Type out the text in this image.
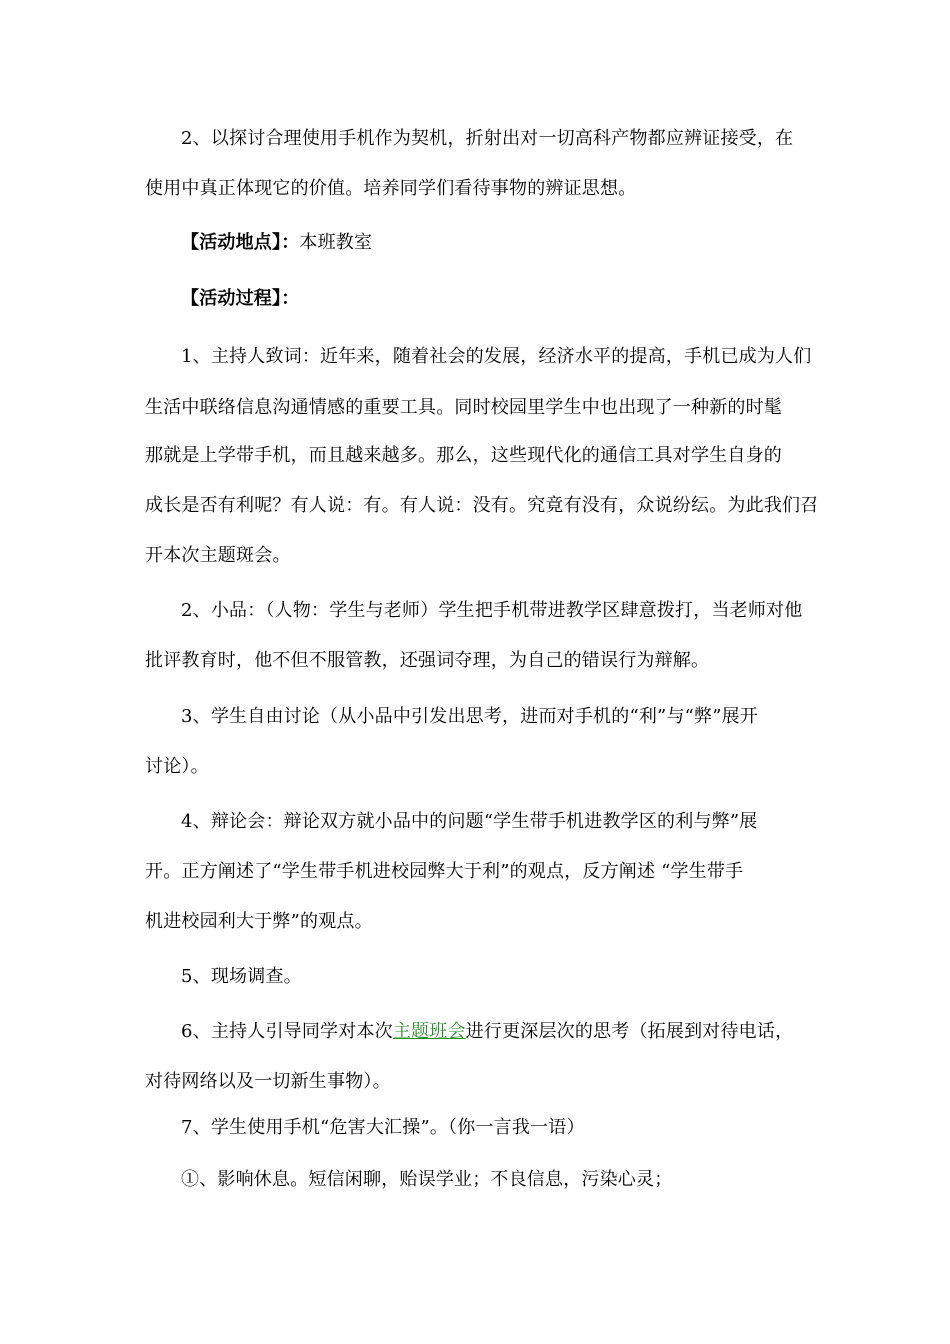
2、以探讨合理使用手机作为契机，折射出对一切高科产物都应辨证接受，在
使用中真正体现它的价值。培养同学们看待事物的辨证思想。
【活动地点】：本班教室
【活动过程】：
1、主持人致词：近年来，随着社会的发展，经济水平的提高，手机已成为人们
生活中联络信息沟通情感的重要工具。同时校园里学生中也出现了一种新的时髦
那就是上学带手机，而且越来越多。那么，这些现代化的通信工具对学生自身的
成长是否有利呢？有人说：有。有人说：没有。究竟有没有，众说纷纭。为此我们召
开本次主题斑会。
2、小品：（人物：学生与老师）学生把手机带进教学区肆意拨打，当老师对他
批评教育时，他不但不服管教，还强词夺理，为自己的错误行为辩解。
3、学生自由讨论（从小品中引发出思考，进而对手机的“利”与“弊”展开
讨论）。
4、辩论会：辩论双方就小品中的问题“学生带手机进教学区的利与弊”展
开。正方阐述了“学生带手机进校园弊大于利”的观点，反方阐述 “学生带手
机进校园利大于弊”的观点。
5、现场调查。
6、主持人引导同学对本次主题班会进行更深层次的思考（拓展到对待电话，
对待网络以及一切新生事物）。
7、学生使用手机“危害大汇操”。（你一言我一语）
①、影响休息。短信闲聊，贻误学业；不良信息，污染心灵；
